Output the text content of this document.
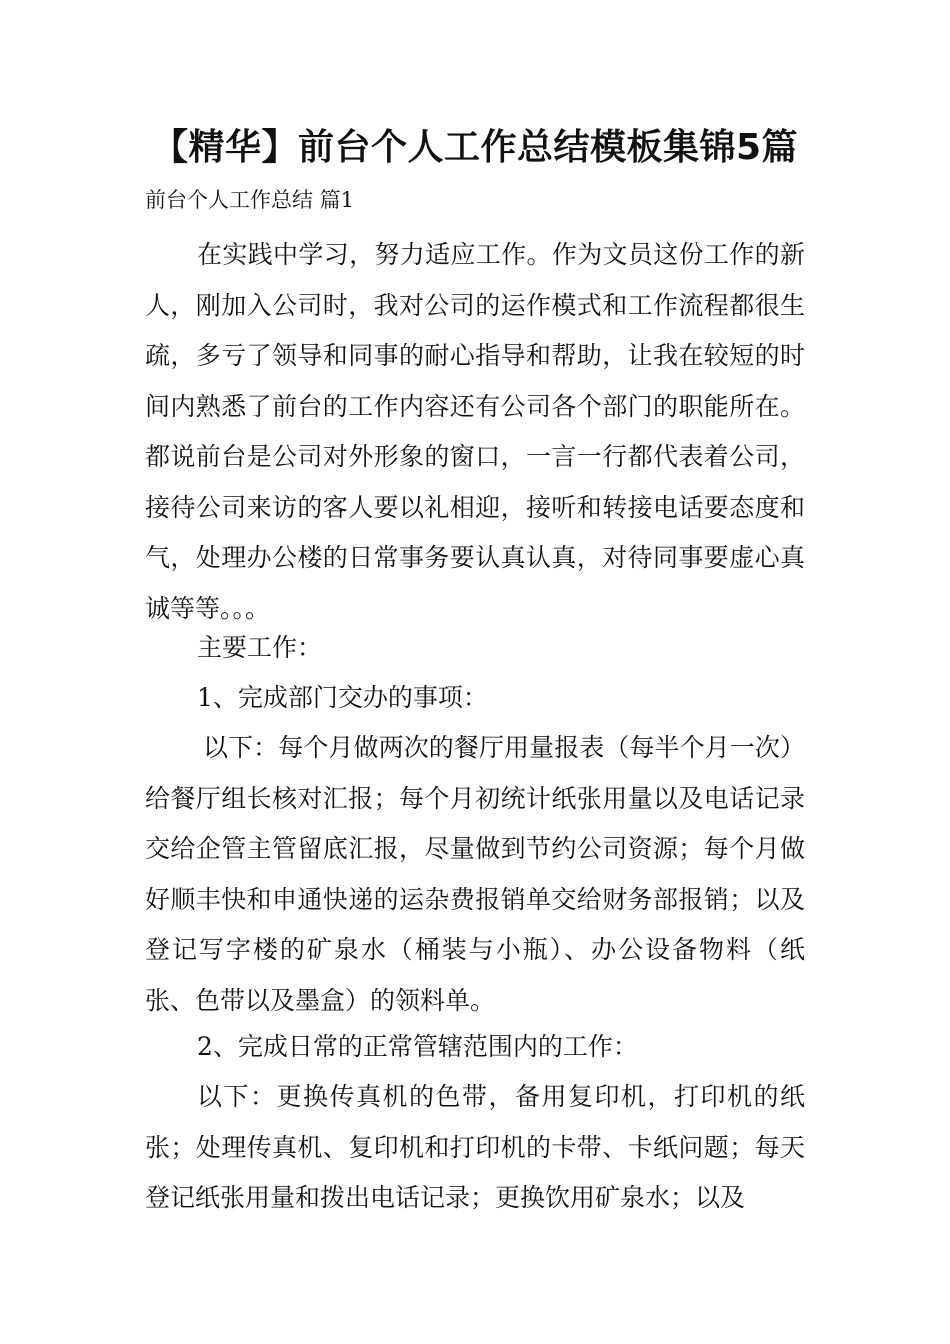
【精华】前台个人工作总结模板集锦5篇
前台个人工作总结 篇1

在实践中学习，努力适应工作。作为文员这份工作的新人，刚加入公司时，我对公司的运作模式和工作流程都很生疏，多亏了领导和同事的耐心指导和帮助，让我在较短的时间内熟悉了前台的工作内容还有公司各个部门的职能所在。都说前台是公司对外形象的窗口，一言一行都代表着公司，接待公司来访的客人要以礼相迎，接听和转接电话要态度和气，处理办公楼的日常事务要认真认真，对待同事要虚心真诚等等。。。

主要工作：

1、完成部门交办的事项：

以下：每个月做两次的餐厅用量报表（每半个月一次）给餐厅组长核对汇报；每个月初统计纸张用量以及电话记录交给企管主管留底汇报，尽量做到节约公司资源；每个月做好顺丰快和申通快递的运杂费报销单交给财务部报销；以及登记写字楼的矿泉水（桶装与小瓶）、办公设备物料（纸张、色带以及墨盒）的领料单。

2、完成日常的正常管辖范围内的工作：

以下：更换传真机的色带，备用复印机，打印机的纸张；处理传真机、复印机和打印机的卡带、卡纸问题；每天登记纸张用量和拨出电话记录；更换饮用矿泉水；以及
